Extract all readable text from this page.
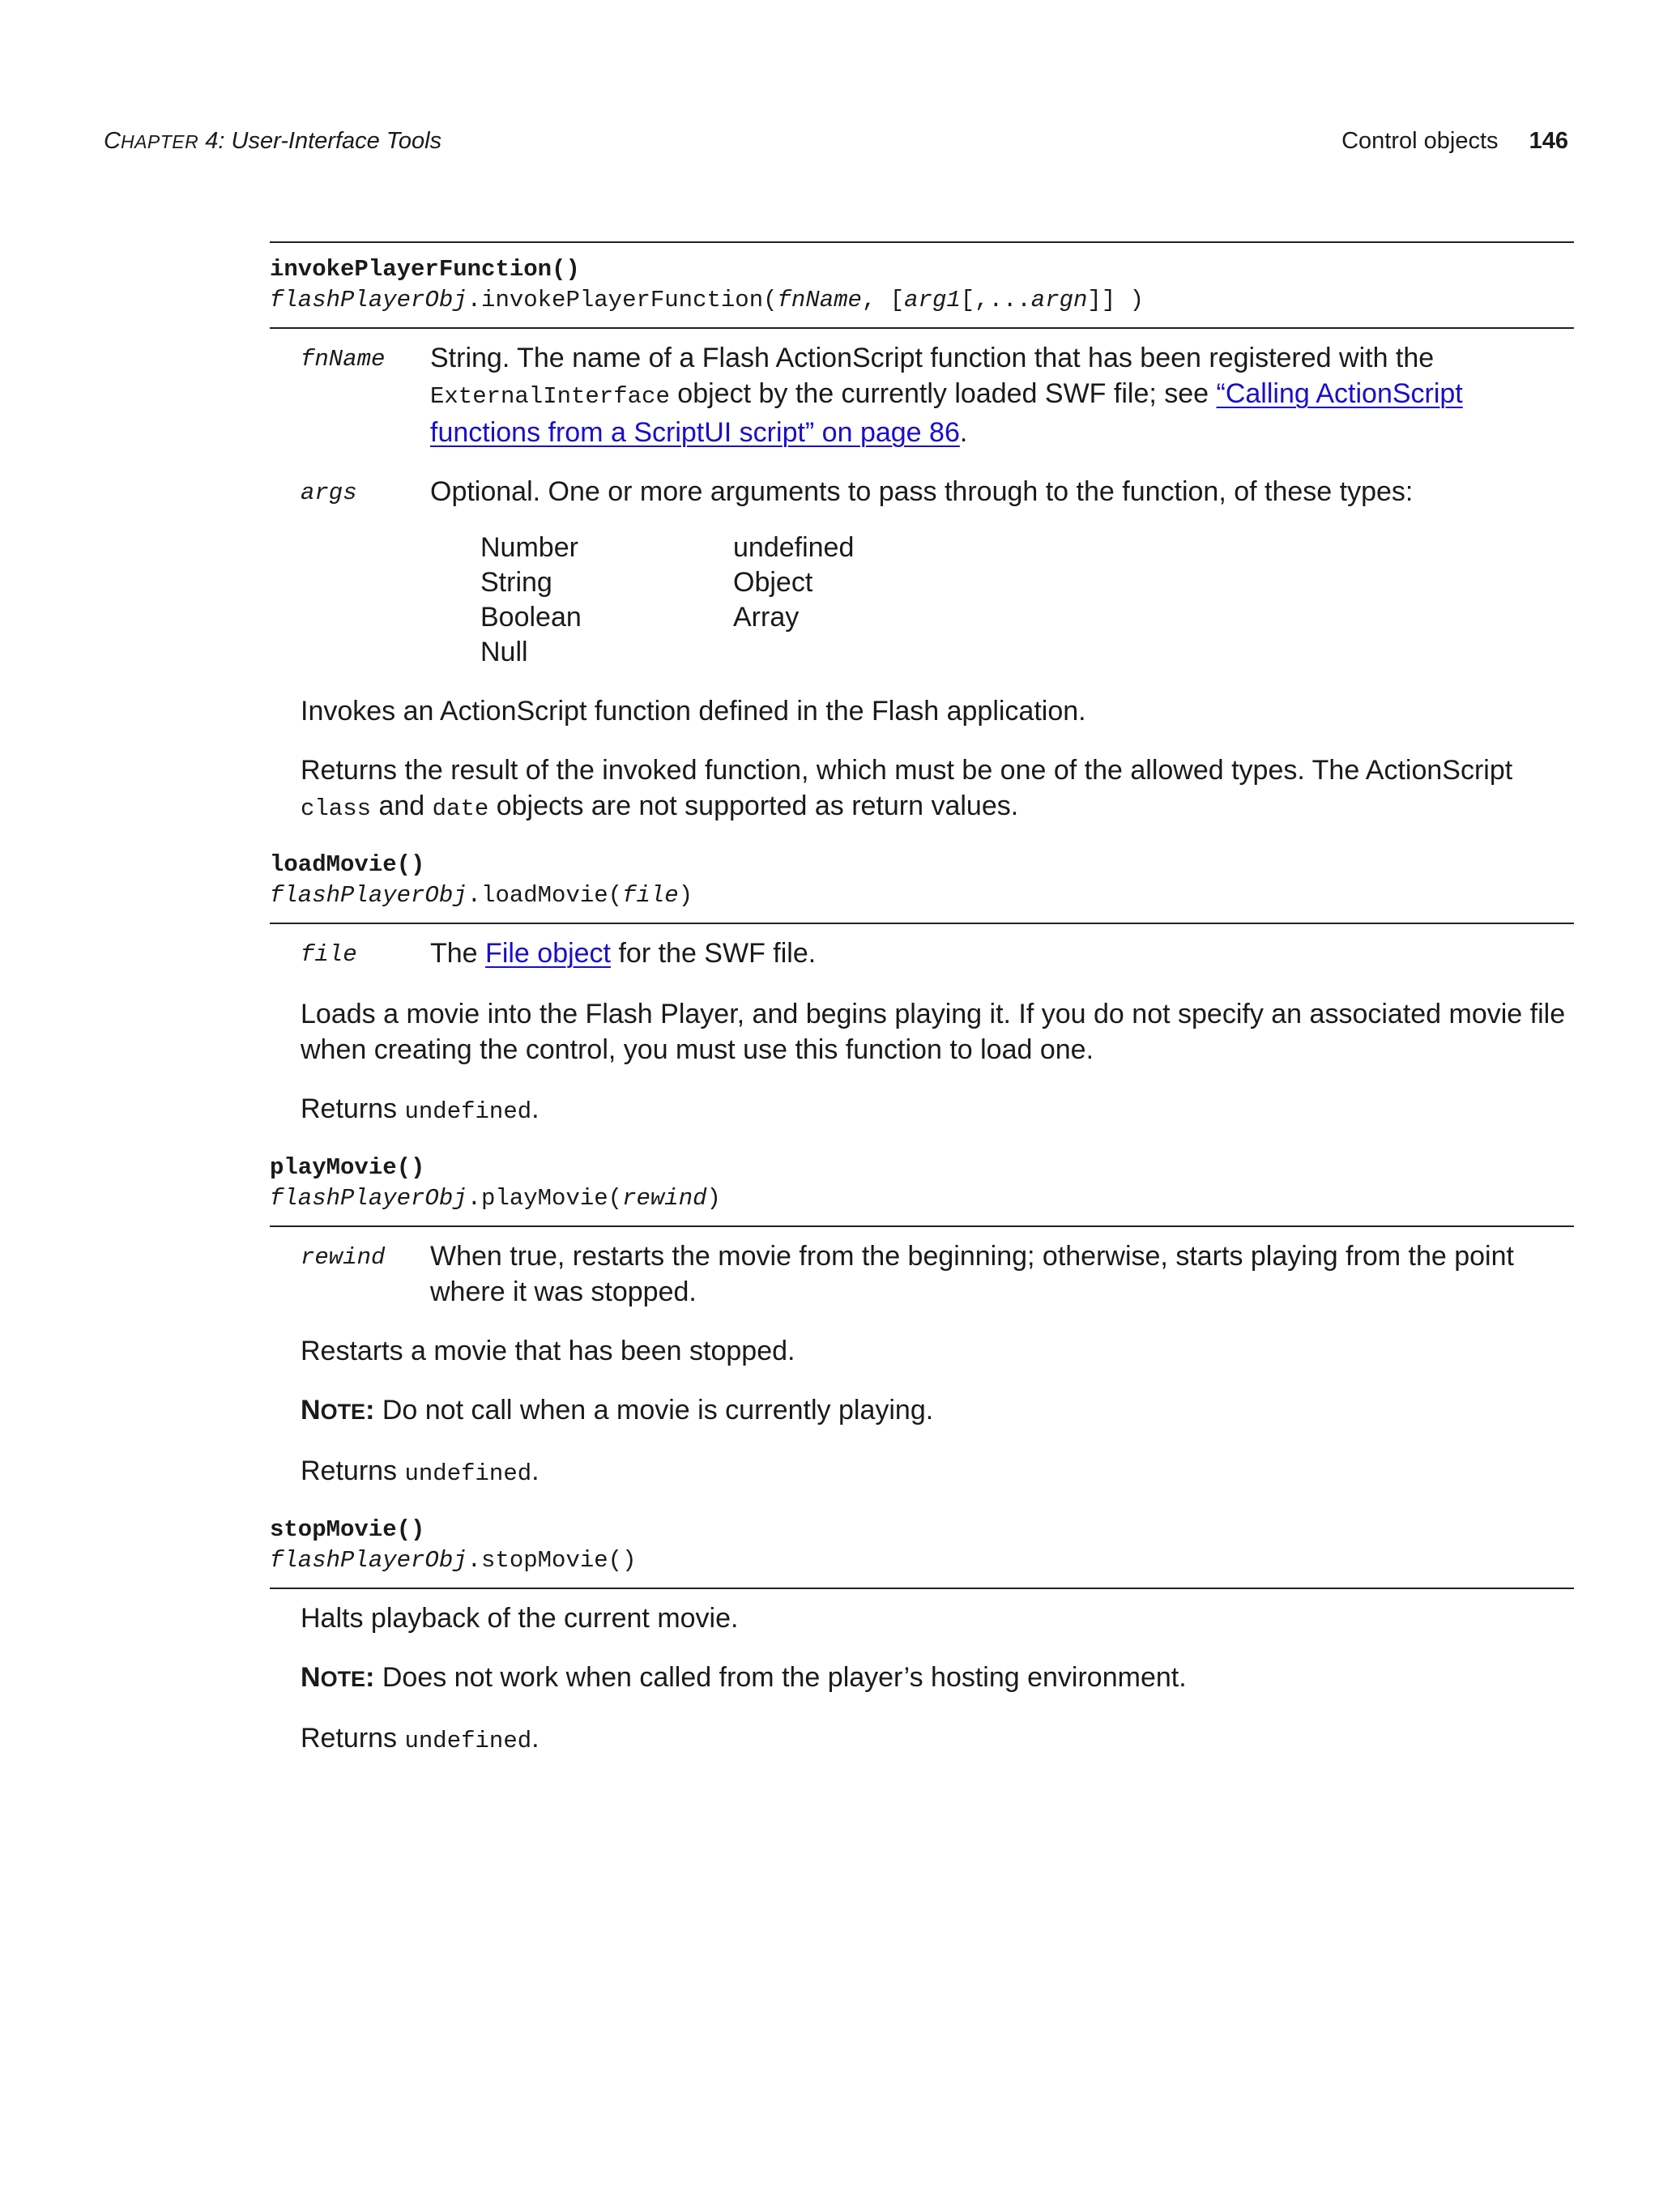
CHAPTER 4: User-Interface Tools	Control objects 146
invokePlayerFunction()
flashPlayerObj.invokePlayerFunction(fnName, [arg1[,...argn]] )
fnName	String. The name of a Flash ActionScript function that has been registered with the ExternalInterface object by the currently loaded SWF file; see “Calling ActionScript functions from a ScriptUI script” on page 86.
args	Optional. One or more arguments to pass through to the function, of these types:
Number	undefined
String	Object
Boolean	Array
Null

Invokes an ActionScript function defined in the Flash application.

Returns the result of the invoked function, which must be one of the allowed types. The ActionScript class and date objects are not supported as return values.

loadMovie()
flashPlayerObj.loadMovie(file)
file	The File object for the SWF file.

Loads a movie into the Flash Player, and begins playing it. If you do not specify an associated movie file when creating the control, you must use this function to load one.

Returns undefined.

playMovie()
flashPlayerObj.playMovie(rewind)
rewind	When true, restarts the movie from the beginning; otherwise, starts playing from the point where it was stopped.

Restarts a movie that has been stopped.

NOTE: Do not call when a movie is currently playing.

Returns undefined.

stopMovie()
flashPlayerObj.stopMovie()

Halts playback of the current movie.

NOTE: Does not work when called from the player’s hosting environment.

Returns undefined.
